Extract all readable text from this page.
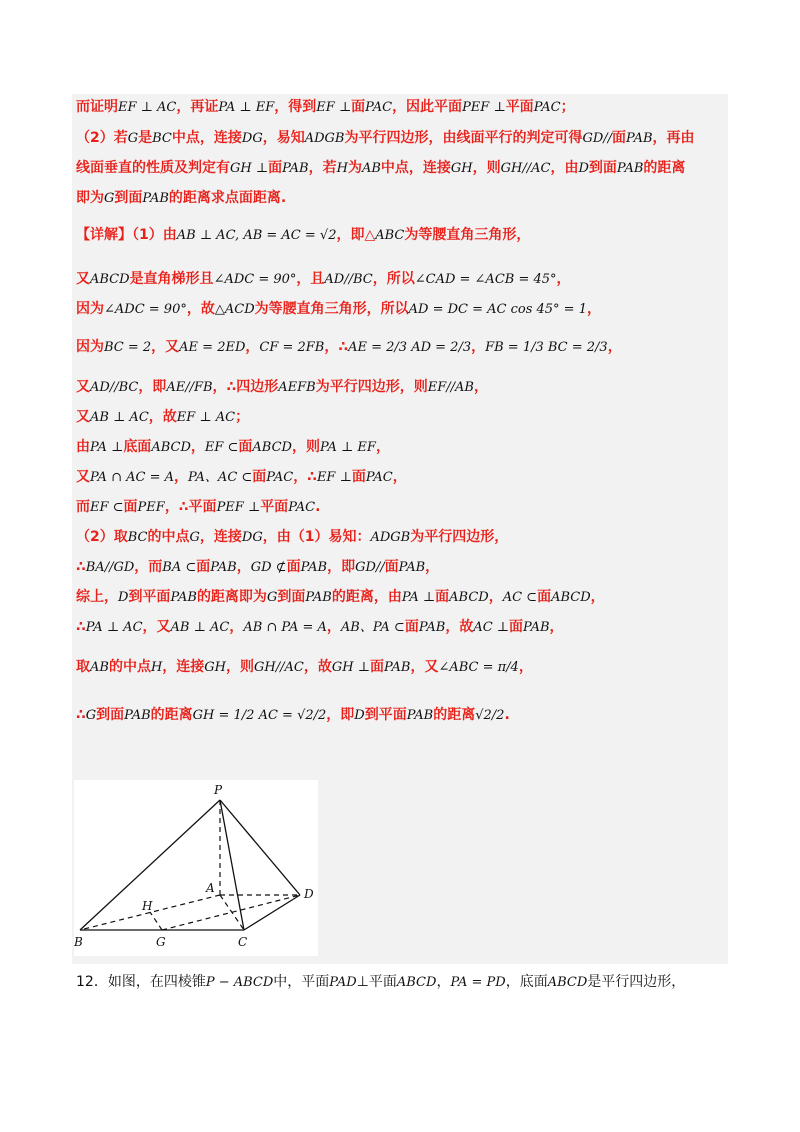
而证明EF ⊥ AC，再证PA ⊥ EF，得到EF ⊥面PAC，因此平面PEF ⊥平面PAC；
（2）若G是BC中点，连接DG，易知ADGB为平行四边形，由线面平行的判定可得GD//面PAB，再由
线面垂直的性质及判定有GH ⊥面PAB，若H为AB中点，连接GH，则GH//AC，由D到面PAB的距离
即为G到面PAB的距离求点面距离.
【详解】（1）由AB ⊥ AC, AB = AC = √2，即△ABC为等腰直角三角形，
又ABCD是直角梯形且∠ADC = 90°，且AD//BC，所以∠CAD = ∠ACB = 45°，
因为∠ADC = 90°，故△ACD为等腰直角三角形，所以AD = DC = AC cos 45° = 1，
因为BC = 2，又AE = 2ED，CF = 2FB，∴AE = 2/3 AD = 2/3，FB = 1/3 BC = 2/3，
又AD//BC，即AE//FB，∴四边形AEFB为平行四边形，则EF//AB，
又AB ⊥ AC，故EF ⊥ AC；
由PA ⊥底面ABCD，EF ⊂面ABCD，则PA ⊥ EF，
又PA ∩ AC = A，PA、AC ⊂面PAC，∴EF ⊥面PAC，
而EF ⊂面PEF，∴平面PEF ⊥平面PAC.
（2）取BC的中点G，连接DG，由（1）易知：ADGB为平行四边形，
∴BA//GD，而BA ⊂面PAB，GD ⊄面PAB，即GD//面PAB，
综上，D到平面PAB的距离即为G到面PAB的距离，由PA ⊥面ABCD，AC ⊂面ABCD，
∴PA ⊥ AC，又AB ⊥ AC，AB ∩ PA = A，AB、PA ⊂面PAB，故AC ⊥面PAB，
取AB的中点H，连接GH，则GH//AC，故GH ⊥面PAB，又∠ABC = π/4，
∴G到面PAB的距离GH = 1/2 AC = √2/2，即D到平面PAB的距离√2/2.
P
A	D
H
B	G	C
12．如图，在四棱锥P − ABCD中，平面PAD⊥平面ABCD，PA = PD，底面ABCD是平行四边形，
